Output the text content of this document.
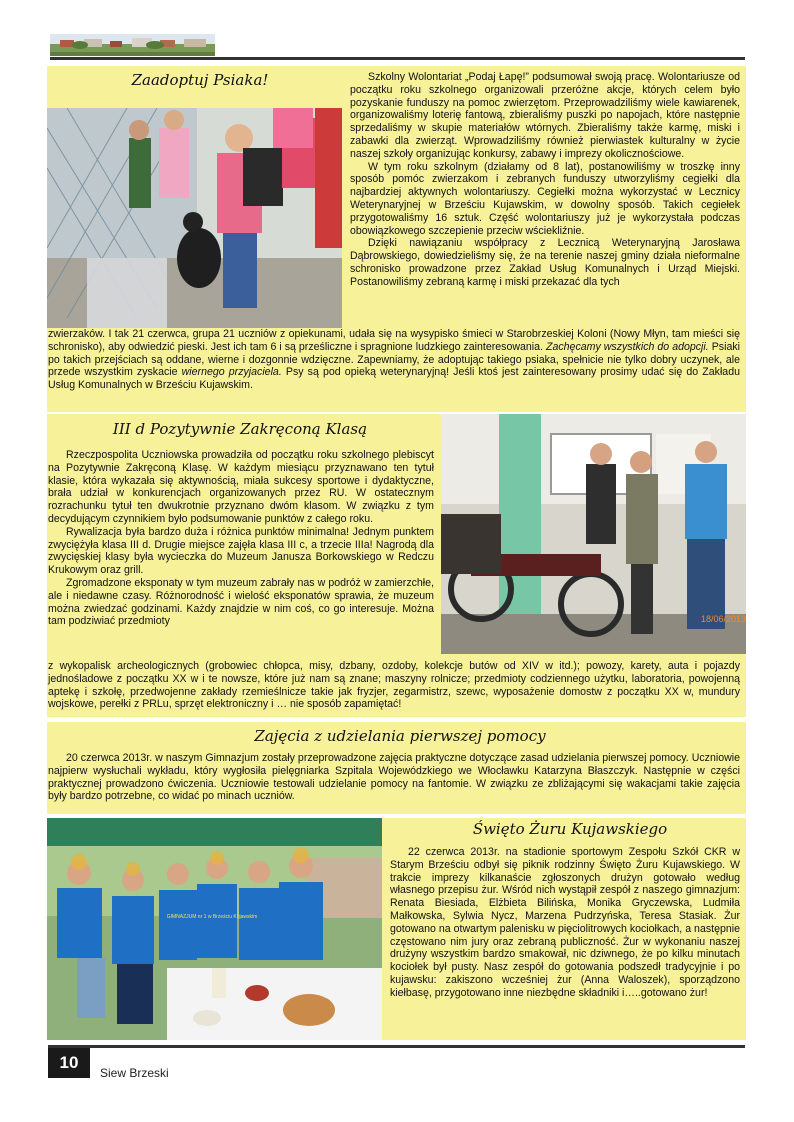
Zaadoptuj Psiaka!	Szkolny Wolontariat „Podaj Łapę!” podsumował swoją pracę. Wolontariusze od początku roku szkolnego organizowali przeróżne akcje, których celem było pozyskanie funduszy na pomoc zwierzętom. Przeprowadziliśmy wiele kawiarenek, organizowaliśmy loterię fantową, zbieraliśmy puszki po napojach, które następnie sprzedaliśmy w skupie materiałów wtórnych. Zbieraliśmy także karmę, miski i zabawki dla zwierząt. Wprowadziliśmy również pierwiastek kulturalny w życie naszej szkoły organizując konkursy, zabawy i imprezy okolicznościowe.

W tym roku szkolnym (działamy od 8 lat), postanowiliśmy w troszkę inny sposób pomóc zwierzakom i zebranych funduszy utworzyliśmy cegiełki dla najbardziej aktywnych wolontariuszy. Cegiełki można wykorzystać w Lecznicy Weterynaryjnej w Brześciu Kujawskim, w dowolny sposób. Takich cegiełek przygotowaliśmy 16 sztuk. Część wolontariuszy już je wykorzystała podczas obowiązkowego szczepienie przeciw wściekliźnie.

Dzięki nawiązaniu współpracy z Lecznicą Weterynaryjną Jarosława Dąbrowskiego, dowiedzieliśmy się, że na terenie naszej gminy działa nieformalne schronisko prowadzone przez Zakład Usług Komunalnych i Urząd Miejski. Postanowiliśmy zebraną karmę i miski przekazać dla tych

zwierzaków. I tak 21 czerwca, grupa 21 uczniów z opiekunami, udała się na wysypisko śmieci w Starobrzeskiej Koloni (Nowy Młyn, tam mieści się schronisko), aby odwiedzić pieski. Jest ich tam 6 i są prześliczne i spragnione ludzkiego zainteresowania. Zachęcamy wszystkich do adopcji. Psiaki po takich przejściach są oddane, wierne i dozgonnie wdzięczne. Zapewniamy, że adoptując takiego psiaka, spełnicie nie tylko dobry uczynek, ale przede wszystkim zyskacie wiernego przyjaciela. Psy są pod opieką weterynaryjną! Jeśli ktoś jest zainteresowany prosimy udać się do Zakładu Usług Komunalnych w Brześciu Kujawskim.

III d Pozytywnie Zakręconą Klasą
18/06/2013

Rzeczpospolita Uczniowska prowadziła od początku roku szkolnego plebiscyt na Pozytywnie Zakręconą Klasę. W każdym miesiącu przyznawano ten tytuł klasie, która wykazała się aktywnością, miała sukcesy sportowe i dydaktyczne, brała udział w konkurencjach organizowanych przez RU. W ostatecznym rozrachunku tytuł ten dwukrotnie przyznano dwóm klasom. W związku z tym decydującym czynnikiem było podsumowanie punktów z całego roku.

Rywalizacja była bardzo duża i różnica punktów minimalna! Jednym punktem zwyciężyła klasa III d. Drugie miejsce zajęła klasa III c, a trzecie IIIa! Nagrodą dla zwycięskiej klasy była wycieczka do Muzeum Janusza Borkowskiego w Redczu Krukowym oraz grill.

Zgromadzone eksponaty w tym muzeum zabrały nas w podróż w zamierzchłe, ale i niedawne czasy. Różnorodność i wielość eksponatów sprawia, że muzeum można zwiedzać godzinami. Każdy znajdzie w nim coś, co go interesuje. Można tam podziwiać przedmioty

z wykopalisk archeologicznych (grobowiec chłopca, misy, dzbany, ozdoby, kolekcje butów od XIV w itd.); powozy, karety, auta i pojazdy jednośladowe z początku XX w i te nowsze, które już nam są znane; maszyny rolnicze; przedmioty codziennego użytku, laboratoria, powojenną aptekę i szkołę, przedwojenne zakłady rzemieślnicze takie jak fryzjer, zegarmistrz, szewc, wyposażenie domostw z początku XX w, mundury wojskowe, perełki z PRLu, sprzęt elektroniczny i … nie sposób zapamiętać!

Zajęcia z udzielania pierwszej pomocy

20 czerwca 2013r. w naszym Gimnazjum zostały przeprowadzone zajęcia praktyczne dotyczące zasad udzielania pierwszej pomocy. Uczniowie najpierw wysłuchali wykładu, który wygłosiła pielęgniarka Szpitala Wojewódzkiego we Włocławku Katarzyna Błaszczyk. Następnie w części praktycznej prowadzono ćwiczenia. Uczniowie testowali udzielanie pomocy na fantomie. W związku ze zbliżającymi się wakacjami takie zajęcia były bardzo potrzebne, co widać po minach uczniów.

GIMNAZJUM nr 1 w Brześciu Kujawskim
Święto Żuru Kujawskiego

22 czerwca 2013r. na stadionie sportowym Zespołu Szkół CKR w Starym Brześciu odbył się piknik rodzinny Święto Żuru Kujawskiego. W trakcie imprezy kilkanaście zgłoszonych drużyn gotowało według własnego przepisu żur. Wśród nich wystąpił zespół z naszego gimnazjum: Renata Biesiada, Elżbieta Bilińska, Monika Gryczewska, Ludmiła Małkowska, Sylwia Nycz, Marzena Pudrzyńska, Teresa Stasiak. Żur gotowano na otwartym palenisku w pięciolitrowych kociołkach, a następnie częstowano nim jury oraz zebraną publiczność. Żur w wykonaniu naszej drużyny wszystkim bardzo smakował, nic dziwnego, że po kilku minutach kociołek był pusty. Nasz zespół do gotowania podszedł tradycyjnie i po kujawsku: zakiszono wcześniej żur (Anna Waloszek), sporządzono kiełbasę, przygotowano inne niezbędne składniki i…..gotowano żur!

10
Siew Brzeski
